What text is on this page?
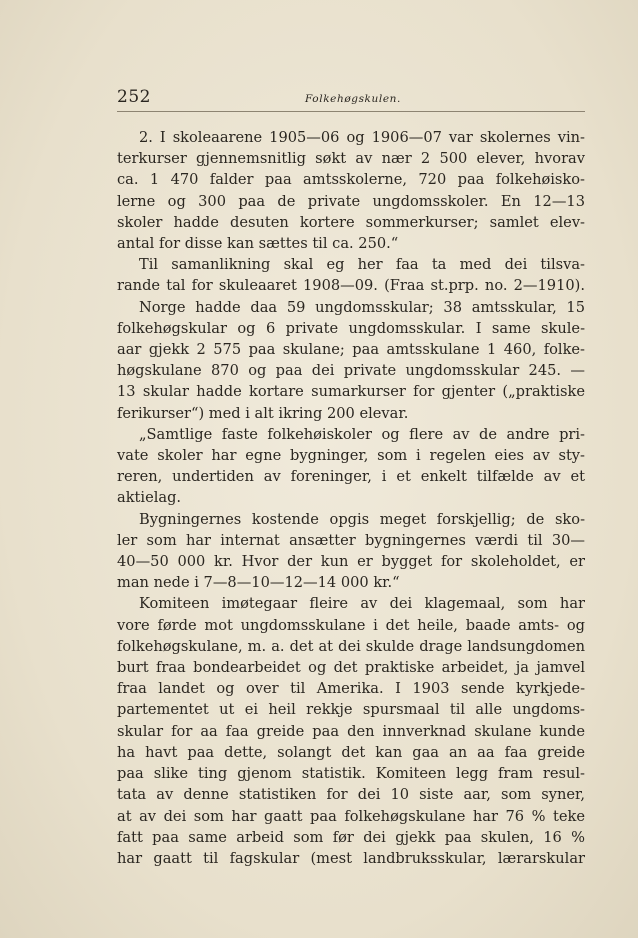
252	Folkehøgskulen.
2. I skoleaarene 1905—06 og 1906—07 var skolernes vin-
terkurser gjennemsnitlig søkt av nær 2 500 elever, hvorav
ca. 1 470 falder paa amtsskolerne, 720 paa folkehøisko-
lerne og 300 paa de private ungdomsskoler. En 12—13
skoler hadde desuten kortere sommerkurser; samlet elev-
antal for disse kan sættes til ca. 250.“
Til samanlikning skal eg her faa ta med dei tilsva-
rande tal for skuleaaret 1908—09. (Fraa st.prp. no. 2—1910).
Norge hadde daa 59 ungdomsskular; 38 amtsskular, 15
folkehøgskular og 6 private ungdomsskular. I same skule-
aar gjekk 2 575 paa skulane; paa amtsskulane 1 460, folke-
høgskulane 870 og paa dei private ungdomsskular 245. —
13 skular hadde kortare sumarkurser for gjenter („praktiske
ferikurser“) med i alt ikring 200 elevar.
„Samtlige faste folkehøiskoler og flere av de andre pri-
vate skoler har egne bygninger, som i regelen eies av sty-
reren, undertiden av foreninger, i et enkelt tilfælde av et
aktielag.
Bygningernes kostende opgis meget forskjellig; de sko-
ler som har internat ansætter bygningernes værdi til 30—
40—50 000 kr. Hvor der kun er bygget for skoleholdet, er
man nede i 7—8—10—12—14 000 kr.“
Komiteen imøtegaar fleire av dei klagemaal, som har
vore førde mot ungdomsskulane i det heile, baade amts- og
folkehøgskulane, m. a. det at dei skulde drage landsungdomen
burt fraa bondearbeidet og det praktiske arbeidet, ja jamvel
fraa landet og over til Amerika. I 1903 sende kyrkjede-
partementet ut ei heil rekkje spursmaal til alle ungdoms-
skular for aa faa greide paa den innverknad skulane kunde
ha havt paa dette, solangt det kan gaa an aa faa greide
paa slike ting gjenom statistik. Komiteen legg fram resul-
tata av denne statistiken for dei 10 siste aar, som syner,
at av dei som har gaatt paa folkehøgskulane har 76 % teke
fatt paa same arbeid som før dei gjekk paa skulen, 16 %
har gaatt til fagskular (mest landbruksskular, lærarskular
